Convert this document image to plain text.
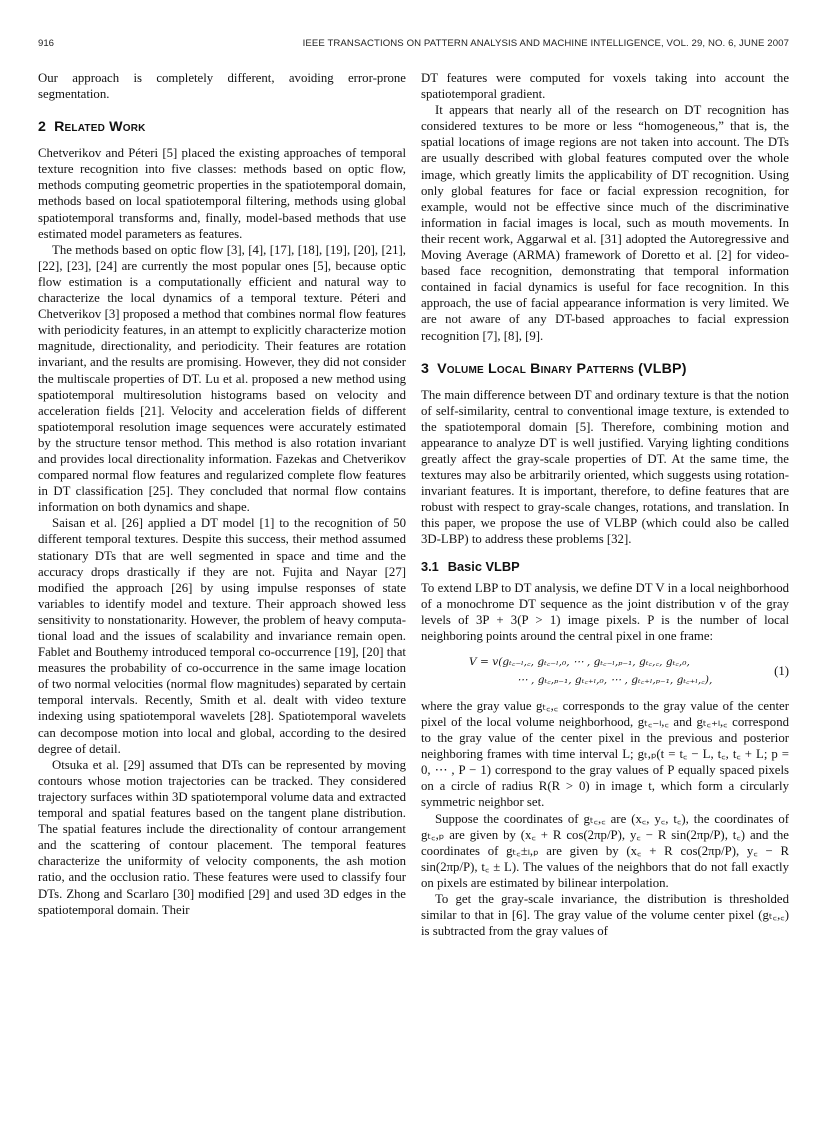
916	IEEE TRANSACTIONS ON PATTERN ANALYSIS AND MACHINE INTELLIGENCE, VOL. 29, NO. 6, JUNE 2007

Our approach is completely different, avoiding error-prone segmentation.

2 Related Work

Chetverikov and Péteri [5] placed the existing approaches of temporal texture recognition into five classes: methods based on optic flow, methods computing geometric properties in the spatiotemporal domain, methods based on local spatiotemporal filtering, methods using global spatiotemporal transforms and, finally, model-based methods that use estimated model parameters as features.

The methods based on optic flow [3], [4], [17], [18], [19], [20], [21], [22], [23], [24] are currently the most popular ones [5], because optic flow estimation is a computationally efficient and natural way to characterize the local dynamics of a temporal texture. Péteri and Chetverikov [3] proposed a method that combines normal flow features with periodicity features, in an attempt to explicitly characterize motion magnitude, directionality, and periodicity. Their features are rotation invariant, and the results are promising. However, they did not consider the multiscale properties of DT. Lu et al. proposed a new method using spatiotemporal multiresolution histograms based on velocity and acceleration fields [21]. Velocity and acceleration fields of different spatiotemporal resolution image sequences were accurately estimated by the structure tensor method. This method is also rotation invariant and provides local directionality information. Fazekas and Chetverikov compared normal flow features and regularized complete flow features in DT classification [25]. They concluded that normal flow contains information on both dynamics and shape.

Saisan et al. [26] applied a DT model [1] to the recognition of 50 different temporal textures. Despite this success, their method assumed stationary DTs that are well segmented in space and time and the accuracy drops drastically if they are not. Fujita and Nayar [27] modified the approach [26] by using impulse responses of state variables to identify model and texture. Their approach showed less sensitivity to nonstationarity. However, the problem of heavy computational load and the issues of scalability and invariance remain open. Fablet and Bouthemy introduced temporal co-occurrence [19], [20] that measures the probability of co-occurrence in the same image location of two normal velocities (normal flow magnitudes) separated by certain temporal intervals. Recently, Smith et al. dealt with video texture indexing using spatiotemporal wavelets [28]. Spatiotemporal wavelets can decompose motion into local and global, according to the desired degree of detail.

Otsuka et al. [29] assumed that DTs can be represented by moving contours whose motion trajectories can be tracked. They considered trajectory surfaces within 3D spatiotemporal volume data and extracted temporal and spatial features based on the tangent plane distribution. The spatial features include the directionality of contour arrangement and the scattering of contour placement. The temporal features characterize the uniformity of velocity components, the ash motion ratio, and the occlusion ratio. These features were used to classify four DTs. Zhong and Scarlaro [30] modified [29] and used 3D edges in the spatiotemporal domain. Their

DT features were computed for voxels taking into account the spatiotemporal gradient.

It appears that nearly all of the research on DT recognition has considered textures to be more or less “homogeneous,” that is, the spatial locations of image regions are not taken into account. The DTs are usually described with global features computed over the whole image, which greatly limits the applicability of DT recognition. Using only global features for face or facial expression recognition, for example, would not be effective since much of the discriminative information in facial images is local, such as mouth movements. In their recent work, Aggarwal et al. [31] adopted the Autoregressive and Moving Average (ARMA) framework of Doretto et al. [2] for video-based face recognition, demonstrating that temporal information contained in facial dynamics is useful for face recognition. In this approach, the use of facial appearance information is very limited. We are not aware of any DT-based approaches to facial expression recognition [7], [8], [9].

3 Volume Local Binary Patterns (VLBP)

The main difference between DT and ordinary texture is that the notion of self-similarity, central to conventional image texture, is extended to the spatiotemporal domain [5]. Therefore, combining motion and appearance to analyze DT is well justified. Varying lighting conditions greatly affect the gray-scale properties of DT. At the same time, the textures may also be arbitrarily oriented, which suggests using rotation-invariant features. It is important, therefore, to define features that are robust with respect to gray-scale changes, rotations, and translation. In this paper, we propose the use of VLBP (which could also be called 3D-LBP) to address these problems [32].

3.1 Basic VLBP

To extend LBP to DT analysis, we define DT V in a local neighborhood of a monochrome DT sequence as the joint distribution v of the gray levels of 3P + 3(P > 1) image pixels. P is the number of local neighboring points around the central pixel in one frame:

V = v(gₜ꜀₋ₗ,꜀, gₜ꜀₋ₗ,₀, ⋯ , gₜ꜀₋ₗ,ₚ₋₁, gₜ꜀,꜀, gₜ꜀,₀,
⋯ , gₜ꜀,ₚ₋₁, gₜ꜀₊ₗ,₀, ⋯ , gₜ꜀₊ₗ,ₚ₋₁, gₜ꜀₊ₗ,꜀),
(1)

where the gray value gₜ꜀,꜀ corresponds to the gray value of the center pixel of the local volume neighborhood, gₜ꜀₋ₗ,꜀ and gₜ꜀₊ₗ,꜀ correspond to the gray value of the center pixel in the previous and posterior neighboring frames with time interval L; gₜ,ₚ(t = t꜀ − L, t꜀, t꜀ + L; p = 0, ⋯ , P − 1) correspond to the gray values of P equally spaced pixels on a circle of radius R(R > 0) in image t, which form a circularly symmetric neighbor set.

Suppose the coordinates of gₜ꜀,꜀ are (x꜀, y꜀, t꜀), the coordinates of gₜ꜀,ₚ are given by (x꜀ + R cos(2πp/P), y꜀ − R sin(2πp/P), t꜀) and the coordinates of gₜ꜀±ₗ,ₚ are given by (x꜀ + R cos(2πp/P), y꜀ − R sin(2πp/P), t꜀ ± L). The values of the neighbors that do not fall exactly on pixels are estimated by bilinear interpolation.

To get the gray-scale invariance, the distribution is thresholded similar to that in [6]. The gray value of the volume center pixel (gₜ꜀,꜀) is subtracted from the gray values of
